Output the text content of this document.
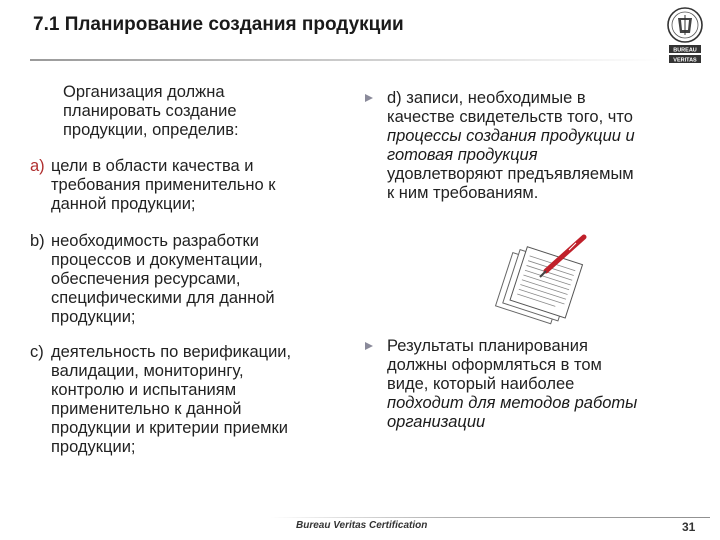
7.1 Планирование создания продукции
BUREAU
VERITAS
Организация должна
планировать создание
продукции, определив:
a) цели в области качества и
требования применительно к
данной продукции;
b) необходимость разработки
процессов и документации,
обеспечения ресурсами,
специфическими для данной
продукции;
c) деятельность по верификации,
валидации, мониторингу,
контролю и испытаниям
применительно к данной
продукции и критерии приемки
продукции;
d) записи, необходимые в
качестве свидетельств того, что
процессы создания продукции и
готовая продукция
удовлетворяют предъявляемым
к ним требованиям.
Результаты планирования
должны оформляться в том
виде, который наиболее
подходит для методов работы
организации
Bureau Veritas Certification	31
